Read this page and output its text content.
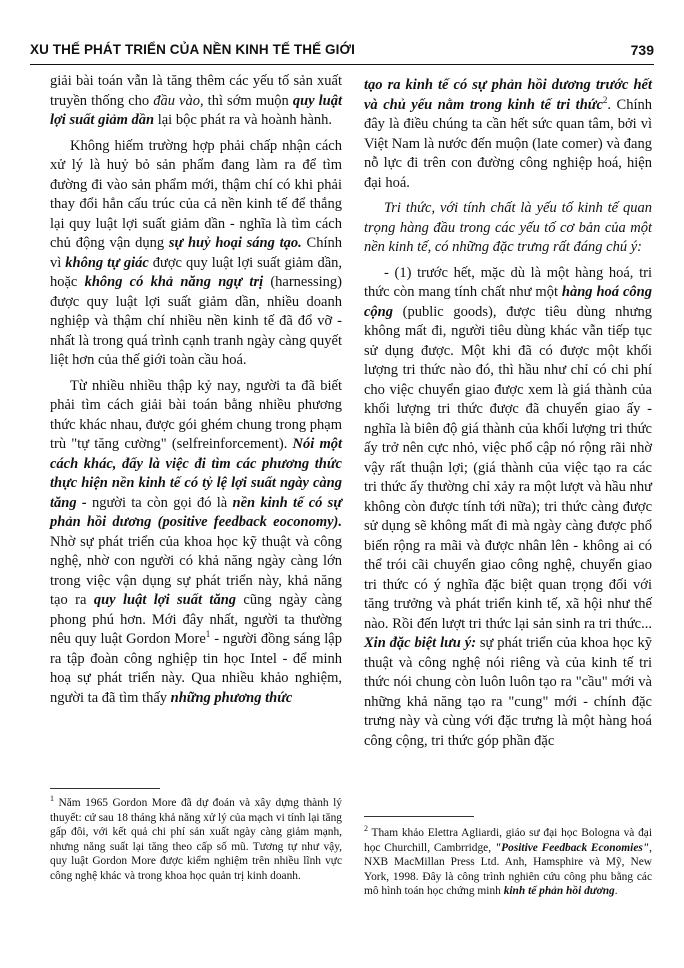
XU THẾ PHÁT TRIỂN CỦA NỀN KINH TẾ THẾ GIỚI	739

giải bài toán vẫn là tăng thêm các yếu tố sản xuất truyền thống cho đầu vào, thì sớm muộn quy luật lợi suất giảm dần lại bộc phát ra và hoành hành.

Không hiếm trường hợp phải chấp nhận cách xử lý là huỷ bỏ sản phẩm đang làm ra để tìm đường đi vào sản phẩm mới, thậm chí có khi phải thay đổi hẳn cấu trúc của cả nền kinh tế để thắng lại quy luật lợi suất giảm dần - nghĩa là tìm cách chủ động vận dụng sự huỷ hoại sáng tạo. Chính vì không tự giác được quy luật lợi suất giảm dần, hoặc không có khả năng ngự trị (harnessing) được quy luật lợi suất giảm dần, nhiều doanh nghiệp và thậm chí nhiều nền kinh tế đã đổ vỡ - nhất là trong quá trình cạnh tranh ngày càng quyết liệt hơn của thế giới toàn cầu hoá.

Từ nhiều nhiều thập kỷ nay, người ta đã biết phải tìm cách giải bài toán bằng nhiều phương thức khác nhau, được gói ghém chung trong phạm trù "tự tăng cường" (selfreinforcement). Nói một cách khác, đấy là việc đi tìm các phương thức thực hiện nền kinh tế có tỷ lệ lợi suất ngày càng tăng - người ta còn gọi đó là nền kinh tế có sự phản hồi dương (positive feedback eoconomy). Nhờ sự phát triển của khoa học kỹ thuật và công nghệ, nhờ con người có khả năng ngày càng lớn trong việc vận dụng sự phát triển này, khả năng tạo ra quy luật lợi suất tăng cũng ngày càng phong phú hơn. Mới đây nhất, người ta thường nêu quy luật Gordon More$^1$ - người đồng sáng lập ra tập đoàn công nghiệp tin học Intel - để minh hoạ sự phát triển này. Qua nhiều khảo nghiệm, người ta đã tìm thấy những phương thức

tạo ra kinh tế có sự phản hồi dương trước hết và chủ yếu nằm trong kinh tế tri thức$^2$. Chính đây là điều chúng ta cần hết sức quan tâm, bởi vì Việt Nam là nước đến muộn (late comer) và đang nỗ lực đi trên con đường công nghiệp hoá, hiện đại hoá.

Tri thức, với tính chất là yếu tố kinh tế quan trọng hàng đầu trong các yếu tố cơ bản của một nền kinh tế, có những đặc trưng rất đáng chú ý:

- (1) trước hết, mặc dù là một hàng hoá, tri thức còn mang tính chất như một hàng hoá công cộng (public goods), được tiêu dùng nhưng không mất đi, người tiêu dùng khác vẫn tiếp tục sử dụng được. Một khi đã có được một khối lượng tri thức nào đó, thì hầu như chỉ có chi phí cho việc chuyển giao được xem là giá thành của khối lượng tri thức được đã chuyển giao ấy - nghĩa là biên độ giá thành của khối lượng tri thức ấy trở nên cực nhỏ, việc phổ cập nó rộng rãi nhờ vậy rất thuận lợi; (giá thành của việc tạo ra các tri thức ấy thường chỉ xảy ra một lượt và hầu như không còn được tính tới nữa); tri thức càng được sử dụng sẽ không mất đi mà ngày càng được phổ biến rộng ra mãi và được nhân lên - không ai có thể trói cãi chuyển giao công nghệ, chuyển giao tri thức có ý nghĩa đặc biệt quan trọng đối với tăng trưởng và phát triển kinh tế, xã hội như thế nào. Rồi đến lượt tri thức lại sản sinh ra tri thức... Xin đặc biệt lưu ý: sự phát triển của khoa học kỹ thuật và công nghệ nói riêng và của kinh tế tri thức nói chung còn luôn luôn tạo ra "cầu" mới và những khả năng tạo ra "cung" mới - chính đặc trưng này và cùng với đặc trưng là một hàng hoá công cộng, tri thức góp phần đặc

$^1$ Năm 1965 Gordon More đã dự đoán và xây dựng thành lý thuyết: cứ sau 18 tháng khả năng xử lý của mạch vi tính lại tăng gấp đôi, với kết quả chi phí sản xuất ngày càng giảm mạnh, nhưng năng suất lại tăng theo cấp số mũ. Tương tự như vậy, quy luật Gordon More được kiểm nghiệm trên nhiều lĩnh vực công nghệ khác và trong khoa học quản trị kinh doanh.
$^2$ Tham khảo Elettra Agliardi, giáo sư đại học Bologna và đại học Churchill, Cambrridge, "Positive Feedback Economies", NXB MacMillan Press Ltd. Anh, Hamsphire và Mỹ, New York, 1998. Đây là công trình nghiên cứu công phu bằng các mô hình toán học chứng minh kinh tế phản hồi dương.
